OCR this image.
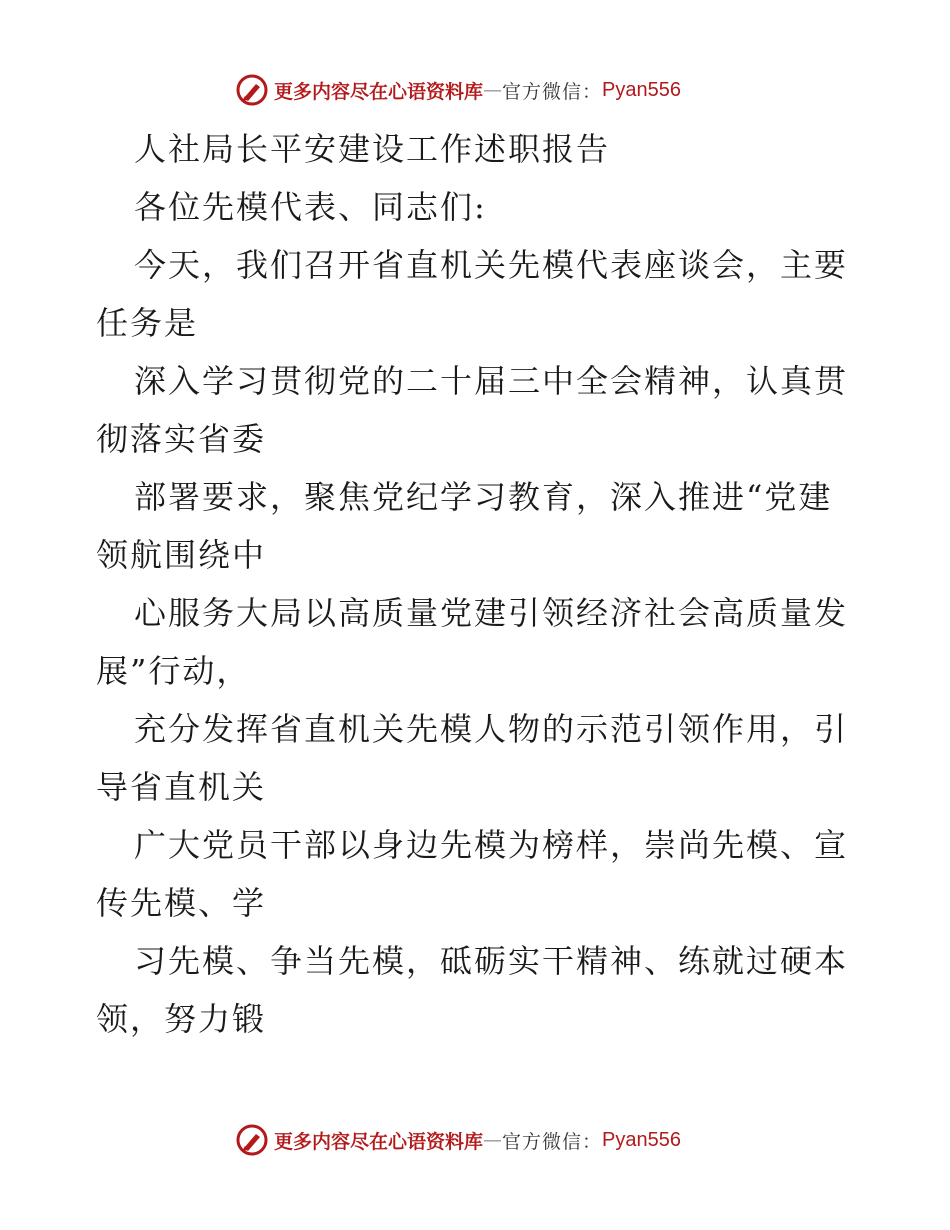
更多内容尽在心语资料库 — 官方微信： Pyan556
人社局长平安建设工作述职报告
各位先模代表、同志们:
今天，我们召开省直机关先模代表座谈会，主要
任务是
深入学习贯彻党的二十届三中全会精神，认真贯
彻落实省委
部署要求，聚焦党纪学习教育，深入推进“党建
领航围绕中
心服务大局以高质量党建引领经济社会高质量发
展”行动，
充分发挥省直机关先模人物的示范引领作用，引
导省直机关
广大党员干部以身边先模为榜样，崇尚先模、宣
传先模、学
习先模、争当先模，砥砺实干精神、练就过硬本
领，努力锻
更多内容尽在心语资料库 — 官方微信： Pyan556
